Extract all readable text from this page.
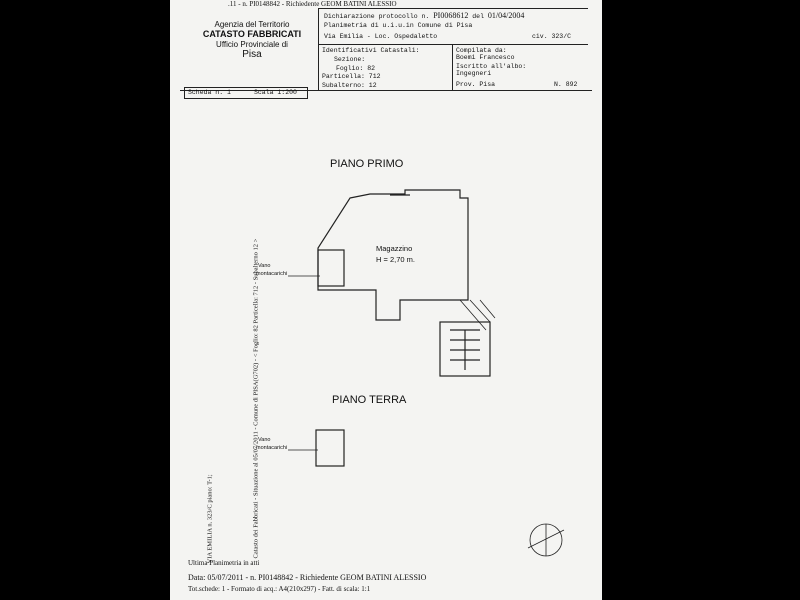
.11 - n. PI0148842 - Richiedente GEOM BATINI ALESSIO
Agenzia del Territorio
CATASTO FABBRICATI
Ufficio Provinciale di
Pisa
Dichiarazione protocollo n. PI0068612 del 01/04/2004
Planimetria di u.i.u.in Comune di Pisa
Via Emilia - Loc. Ospedaletto	civ. 323/C
Identificativi Catastali:
Sezione:
Foglio: 82
Particella: 712
Subalterno: 12
Compilata da:
Boemi Francesco
Iscritto all'albo:
Ingegneri
Prov. Pisa	N. 892
Scheda n. 1	Scala 1:200
Catasto dei Fabbricati - Situazione al 05/07/2011 - Comune di PISA(G702) - < Foglio: 82 Particella: 712 - Subalterno 12 >
VIA EMILIA n. 323/C piano: T-1;
PIANO PRIMO
Magazzino
H = 2,70 m.
Vano
montacarichi
PIANO TERRA
Vano
montacarichi
Ultima Planimetria in atti
Data: 05/07/2011 - n. PI0148842 - Richiedente GEOM BATINI ALESSIO
Tot.schede: 1 - Formato di acq.: A4(210x297) - Fatt. di scala: 1:1
